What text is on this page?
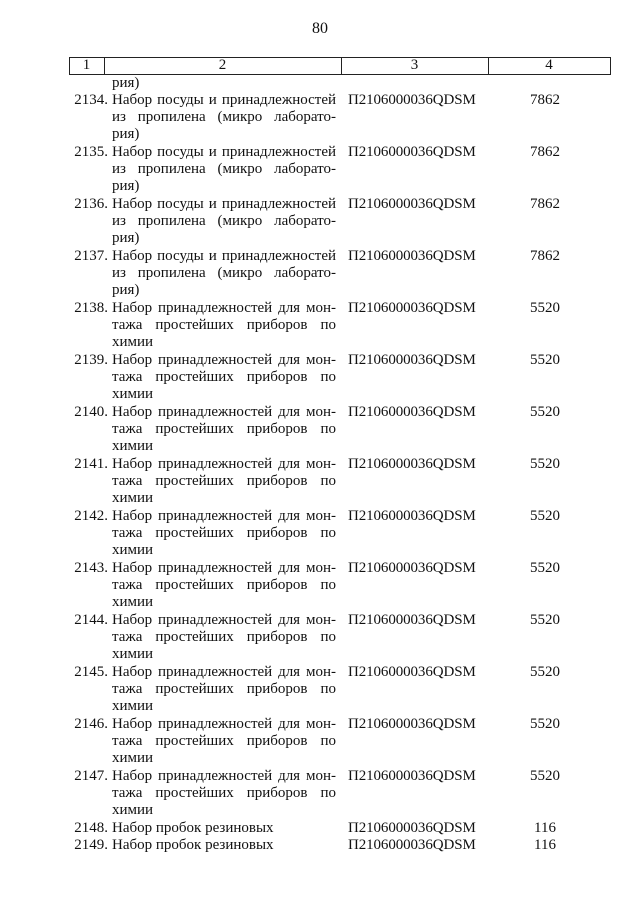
80
1	2	3	4
рия)
2134. Набор посуды и принадлежностей
из пропилена (микро лаборато-
рия)
П2106000036QDSM	7862
2135. Набор посуды и принадлежностей
из пропилена (микро лаборато-
рия)
П2106000036QDSM	7862
2136. Набор посуды и принадлежностей
из пропилена (микро лаборато-
рия)
П2106000036QDSM	7862
2137. Набор посуды и принадлежностей
из пропилена (микро лаборато-
рия)
П2106000036QDSM	7862
2138. Набор принадлежностей для мон-
тажа простейших приборов по
химии
П2106000036QDSM	5520
2139. Набор принадлежностей для мон-
тажа простейших приборов по
химии
П2106000036QDSM	5520
2140. Набор принадлежностей для мон-
тажа простейших приборов по
химии
П2106000036QDSM	5520
2141. Набор принадлежностей для мон-
тажа простейших приборов по
химии
П2106000036QDSM	5520
2142. Набор принадлежностей для мон-
тажа простейших приборов по
химии
П2106000036QDSM	5520
2143. Набор принадлежностей для мон-
тажа простейших приборов по
химии
П2106000036QDSM	5520
2144. Набор принадлежностей для мон-
тажа простейших приборов по
химии
П2106000036QDSM	5520
2145. Набор принадлежностей для мон-
тажа простейших приборов по
химии
П2106000036QDSM	5520
2146. Набор принадлежностей для мон-
тажа простейших приборов по
химии
П2106000036QDSM	5520
2147. Набор принадлежностей для мон-
тажа простейших приборов по
химии
П2106000036QDSM	5520
2148. Набор пробок резиновых	П2106000036QDSM	116
2149. Набор пробок резиновых	П2106000036QDSM	116
